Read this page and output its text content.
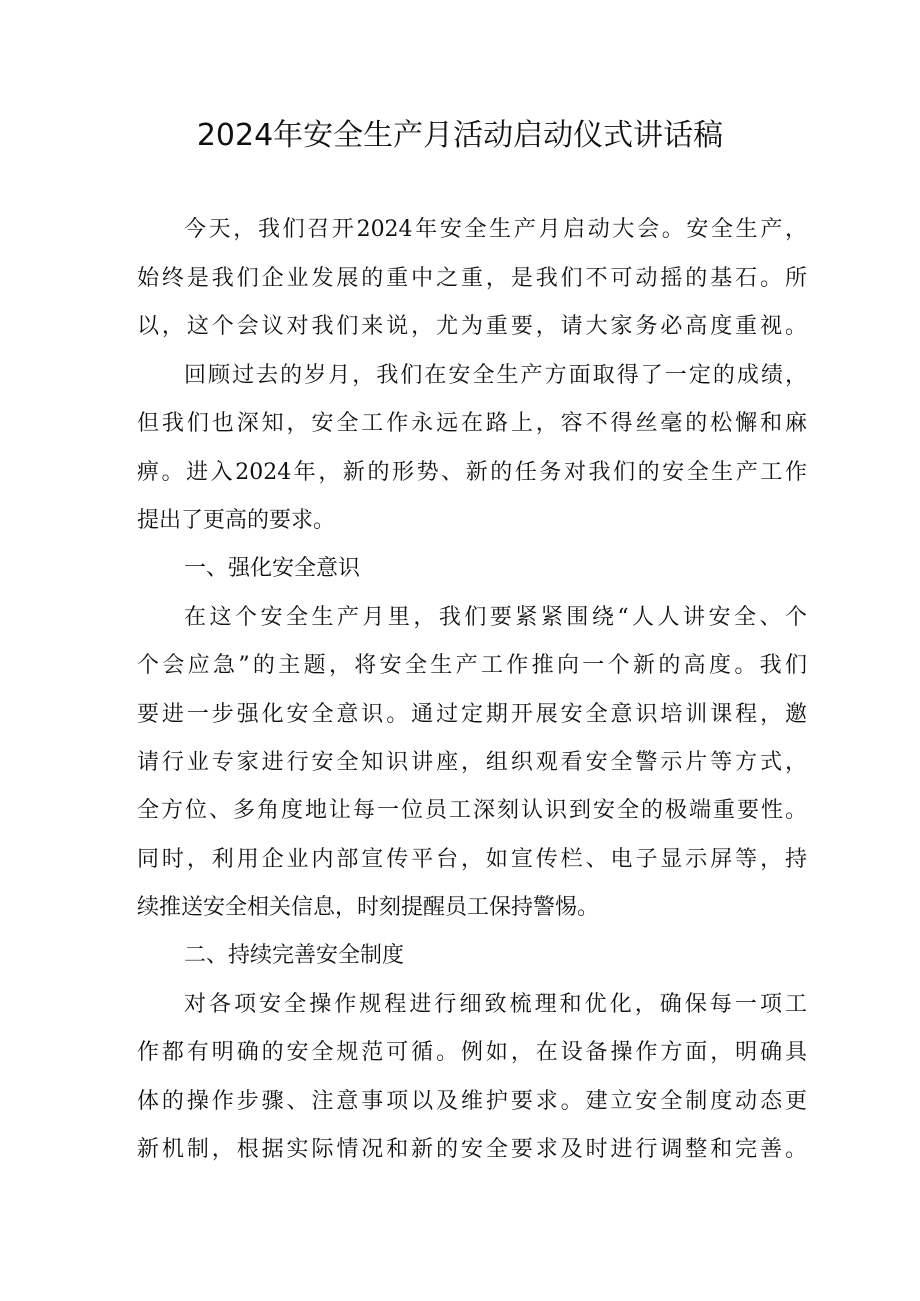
2024年安全生产月活动启动仪式讲话稿
今天，我们召开2024年安全生产月启动大会。安全生产，
始终是我们企业发展的重中之重，是我们不可动摇的基石。所
以，这个会议对我们来说，尤为重要，请大家务必高度重视。
回顾过去的岁月，我们在安全生产方面取得了一定的成绩，
但我们也深知，安全工作永远在路上，容不得丝毫的松懈和麻
痹。进入2024年，新的形势、新的任务对我们的安全生产工作
提出了更高的要求。
一、强化安全意识
在这个安全生产月里，我们要紧紧围绕“人人讲安全、个
个会应急”的主题，将安全生产工作推向一个新的高度。我们
要进一步强化安全意识。通过定期开展安全意识培训课程，邀
请行业专家进行安全知识讲座，组织观看安全警示片等方式，
全方位、多角度地让每一位员工深刻认识到安全的极端重要性。
同时，利用企业内部宣传平台，如宣传栏、电子显示屏等，持
续推送安全相关信息，时刻提醒员工保持警惕。
二、持续完善安全制度
对各项安全操作规程进行细致梳理和优化，确保每一项工
作都有明确的安全规范可循。例如，在设备操作方面，明确具
体的操作步骤、注意事项以及维护要求。建立安全制度动态更
新机制，根据实际情况和新的安全要求及时进行调整和完善。
